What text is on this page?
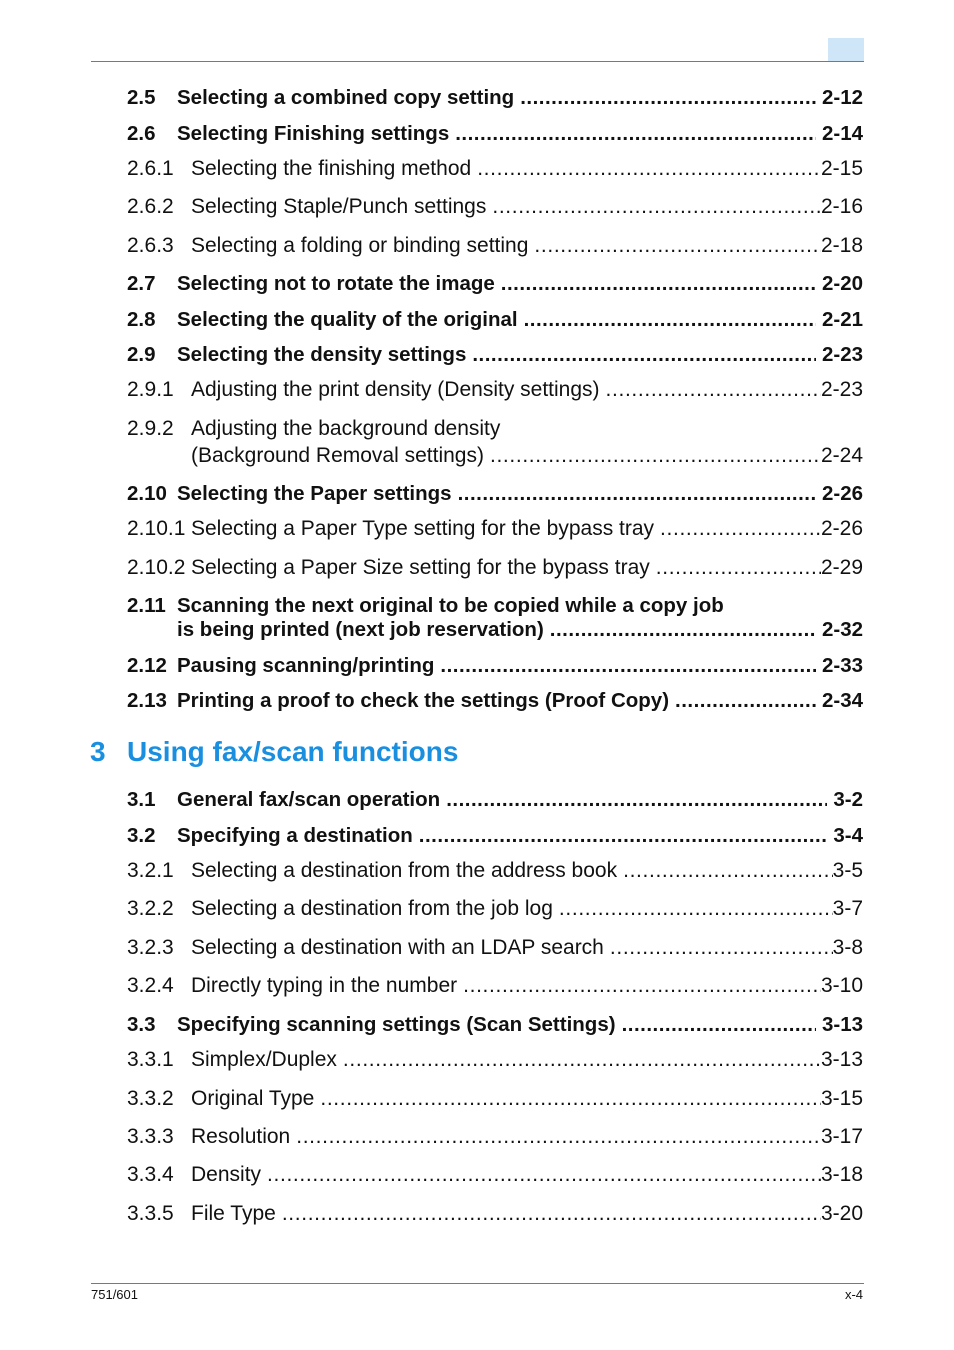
2.5	Selecting a combined copy setting . . .	2-12
2.6	Selecting Finishing settings . . .	2-14
2.6.1 Selecting the finishing method . . .	2-15
2.6.2 Selecting Staple/Punch settings . . .	2-16
2.6.3 Selecting a folding or binding setting . . .	2-18
2.7	Selecting not to rotate the image . . .	2-20
2.8	Selecting the quality of the original . . .	2-21
2.9	Selecting the density settings . . .	2-23
2.9.1 Adjusting the print density (Density settings) . . .	2-23
2.9.2 Adjusting the background density
(Background Removal settings) . . .	2-24
2.10 Selecting the Paper settings . . .	2-26
2.10.1 Selecting a Paper Type setting for the bypass tray . . .	2-26
2.10.2 Selecting a Paper Size setting for the bypass tray . . .	2-29
2.11 Scanning the next original to be copied while a copy job
is being printed (next job reservation) . . .	2-32
2.12 Pausing scanning/printing . . .	2-33
2.13 Printing a proof to check the settings (Proof Copy) . . .	2-34
3 Using fax/scan functions
3.1	General fax/scan operation . . .	3-2
3.2	Specifying a destination . . .	3-4
3.2.1 Selecting a destination from the address book . . .	3-5
3.2.2 Selecting a destination from the job log . . .	3-7
3.2.3 Selecting a destination with an LDAP search . . .	3-8
3.2.4 Directly typing in the number . . .	3-10
3.3	Specifying scanning settings (Scan Settings) . . .	3-13
3.3.1 Simplex/Duplex . . .	3-13
3.3.2 Original Type . . .	3-15
3.3.3 Resolution . . .	3-17
3.3.4 Density . . .	3-18
3.3.5 File Type . . .	3-20
751/601	x-4
